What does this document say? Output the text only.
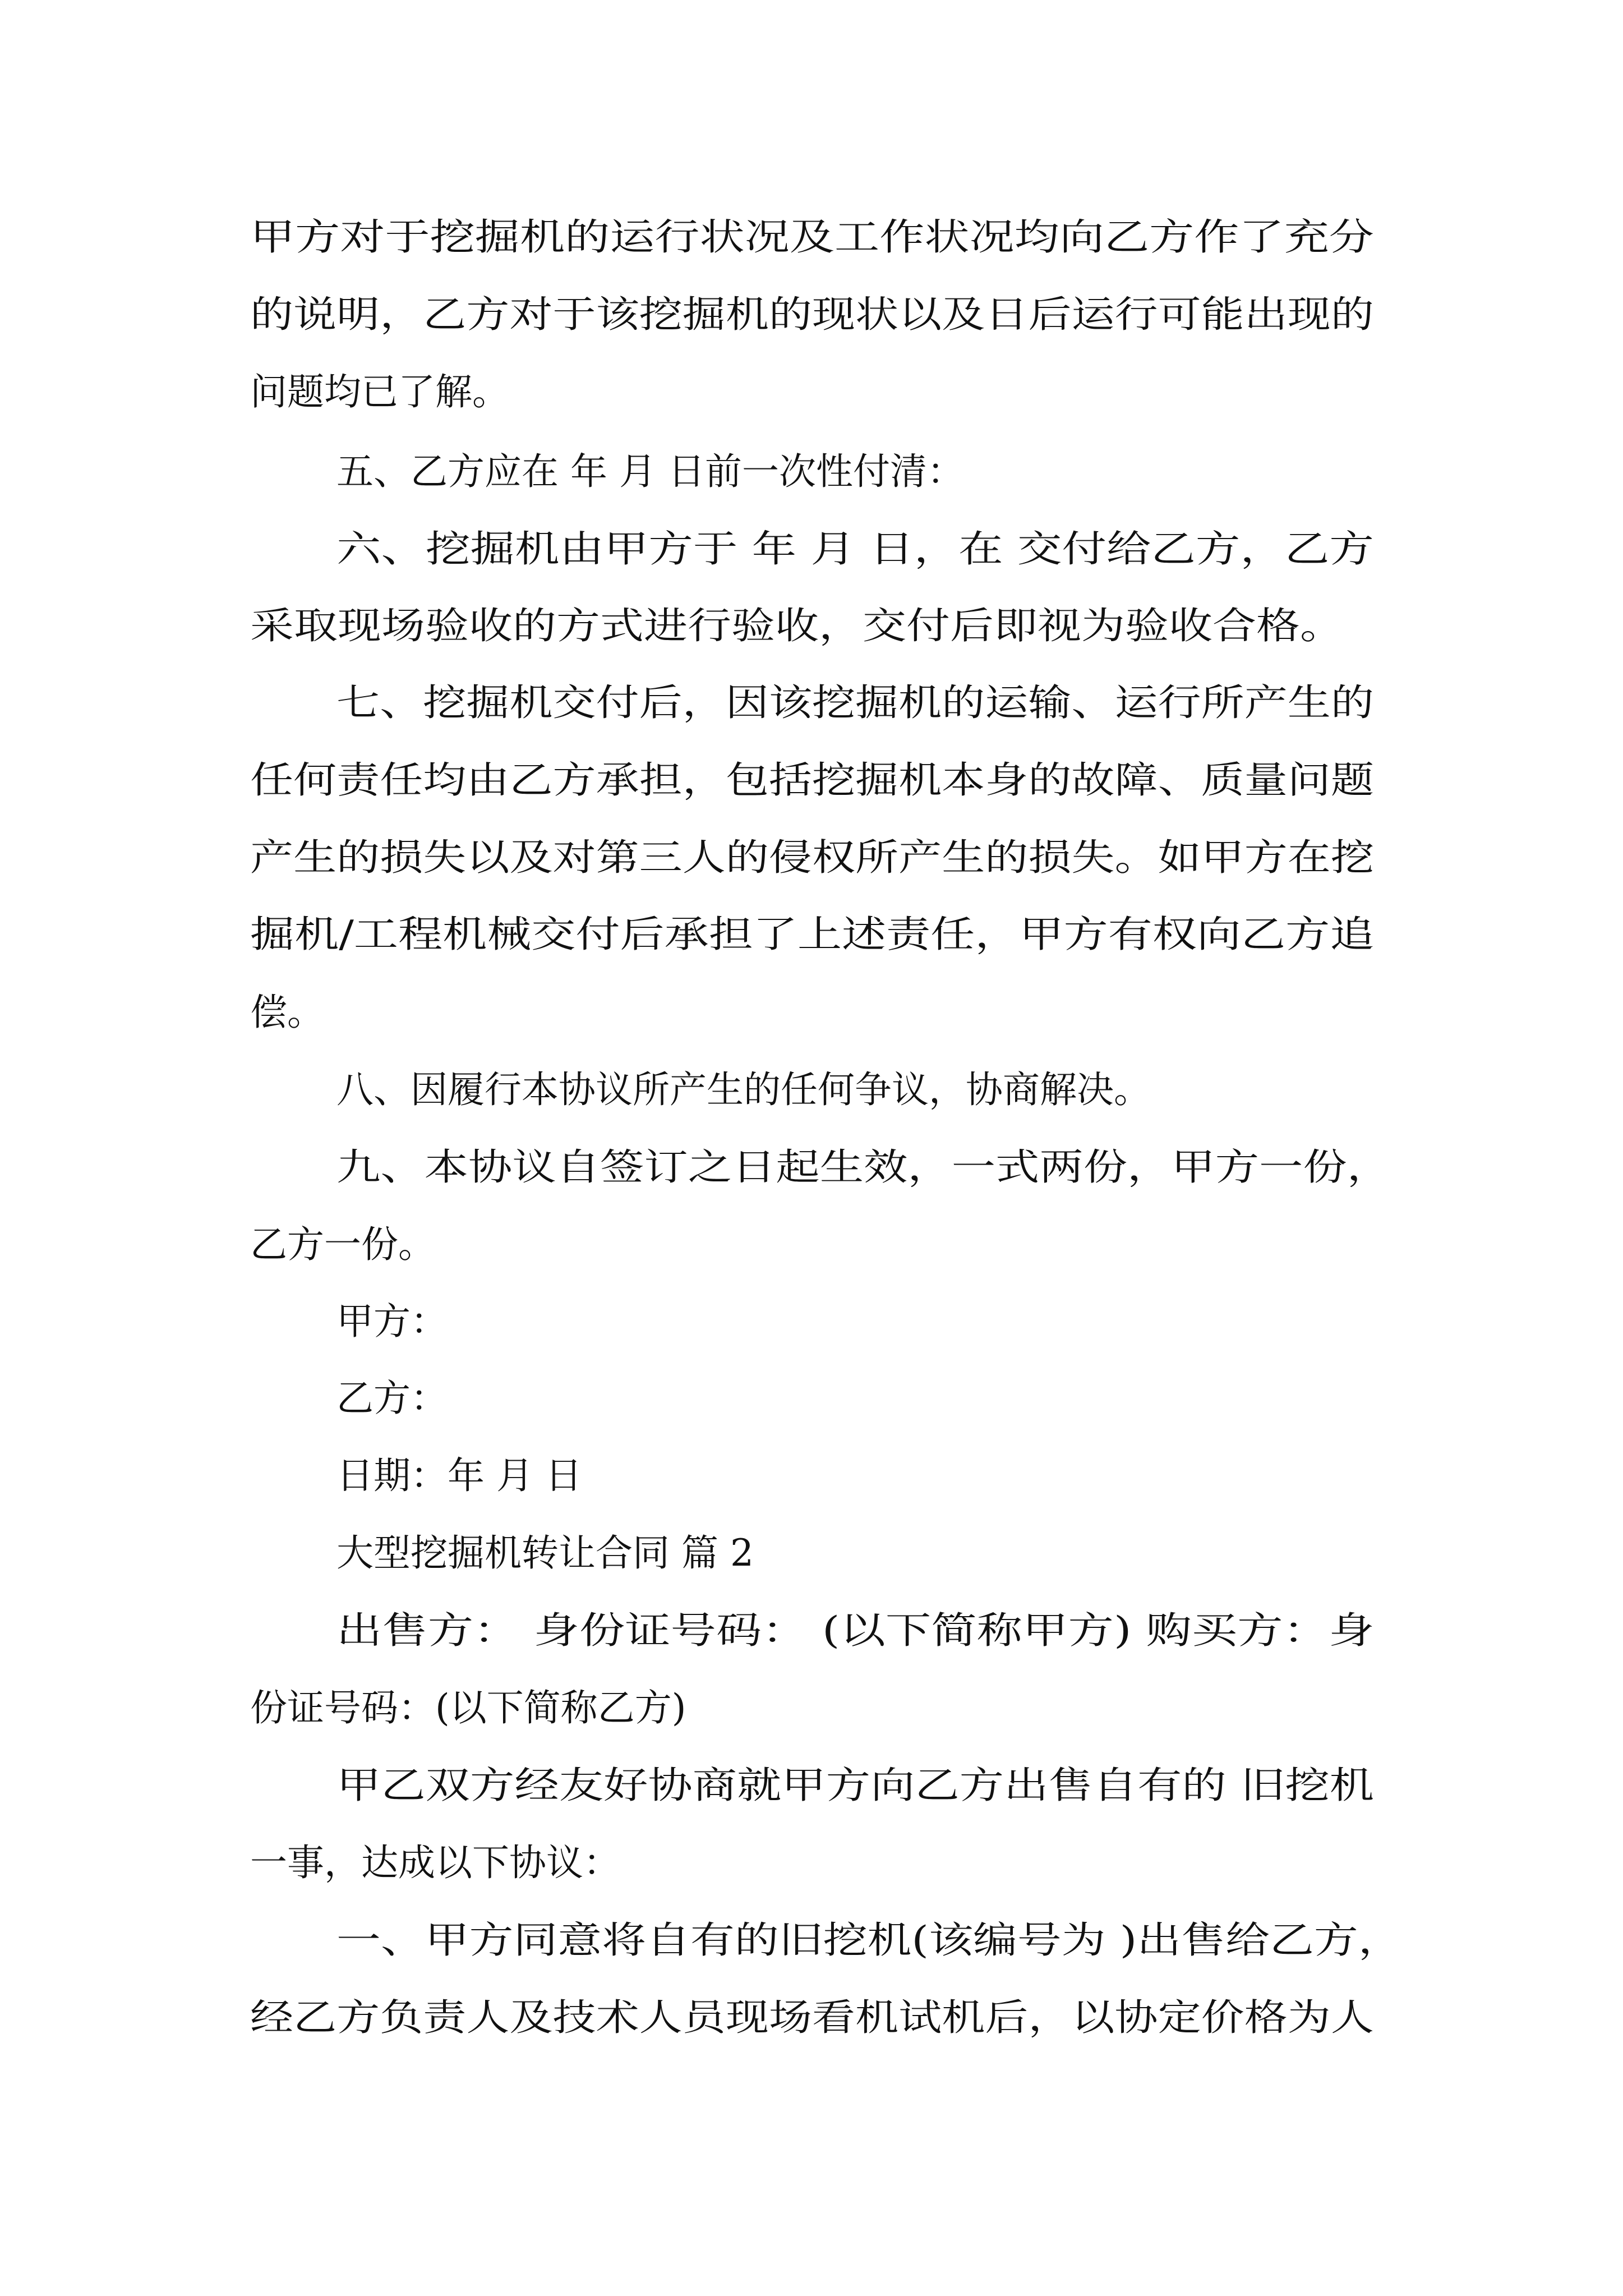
甲方对于挖掘机的运行状况及工作状况均向乙方作了充分

的说明，乙方对于该挖掘机的现状以及日后运行可能出现的

问题均已了解。

五、乙方应在 年 月 日前一次性付清：

六、挖掘机由甲方于 年 月 日，在 交付给乙方，乙方

采取现场验收的方式进行验收，交付后即视为验收合格。

七、挖掘机交付后，因该挖掘机的运输、运行所产生的

任何责任均由乙方承担，包括挖掘机本身的故障、质量问题

产生的损失以及对第三人的侵权所产生的损失。如甲方在挖

掘机/工程机械交付后承担了上述责任，甲方有权向乙方追

偿。

八、因履行本协议所产生的任何争议，协商解决。

九、本协议自签订之日起生效，一式两份，甲方一份，

乙方一份。

甲方：

乙方：

日期：年 月 日

大型挖掘机转让合同 篇 2

出售方： 身份证号码： (以下简称甲方) 购买方：身

份证号码：(以下简称乙方)

甲乙双方经友好协商就甲方向乙方出售自有的 旧挖机

一事，达成以下协议：

一、甲方同意将自有的旧挖机(该编号为 )出售给乙方，

经乙方负责人及技术人员现场看机试机后，以协定价格为人
